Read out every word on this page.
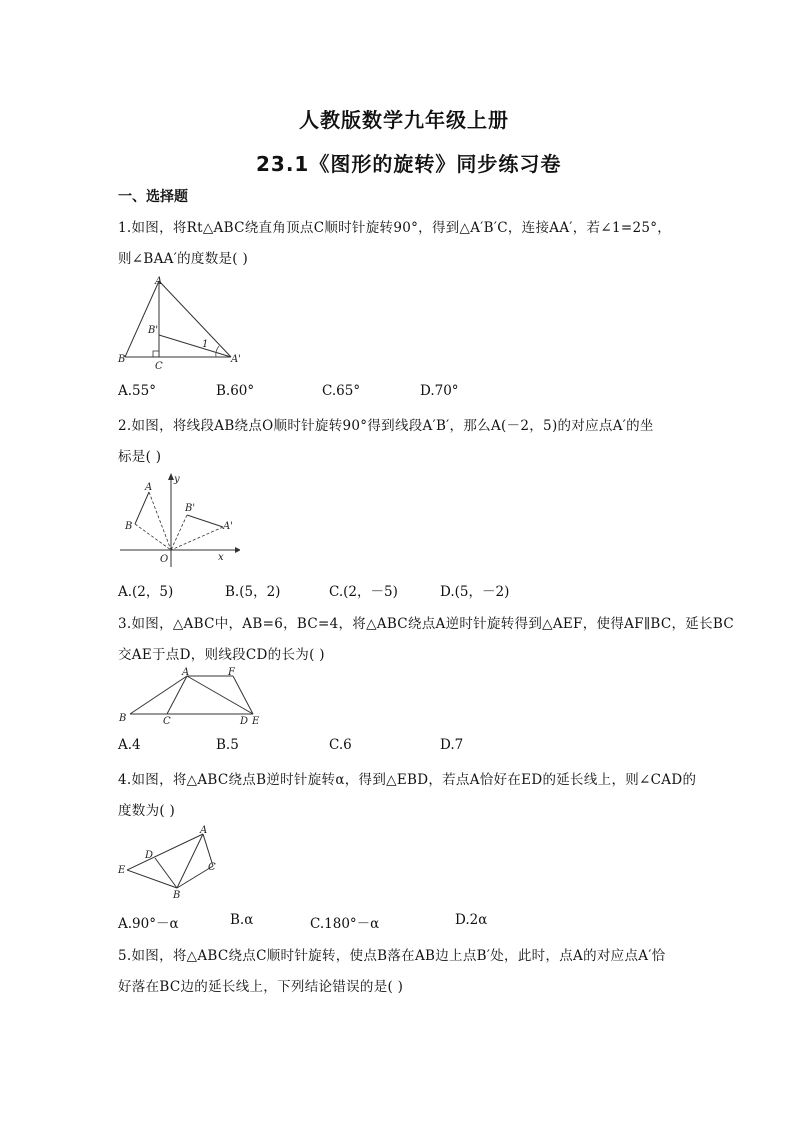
人教版数学九年级上册
23.1《图形的旋转》同步练习卷
一、选择题
1.如图，将Rt△ABC绕直角顶点C顺时针旋转90°，得到△A′B′C，连接AA′，若∠1=25°，
则∠BAA′的度数是( )
A
B'
B
C
1
A'
A.55°	B.60°	C.65°	D.70°
2.如图，将线段AB绕点O顺时针旋转90°得到线段A′B′，那么A(－2，5)的对应点A′的坐
标是( )
y
A
B'
B	A'
O	x
A.(2，5)	B.(5，2)	C.(2，－5)	D.(5，－2)
3.如图，△ABC中，AB=6，BC=4，将△ABC绕点A逆时针旋转得到△AEF，使得AF∥BC，延长BC
交AE于点D，则线段CD的长为( )
A	F
B	C	D E
A.4	B.5	C.6	D.7
4.如图，将△ABC绕点B逆时针旋转α，得到△EBD，若点A恰好在ED的延长线上，则∠CAD的
度数为( )
A
D
C
E
B
A.90°－α	B.α	C.180°－α	D.2α
5.如图，将△ABC绕点C顺时针旋转，使点B落在AB边上点B′处，此时，点A的对应点A′恰
好落在BC边的延长线上，下列结论错误的是( )
